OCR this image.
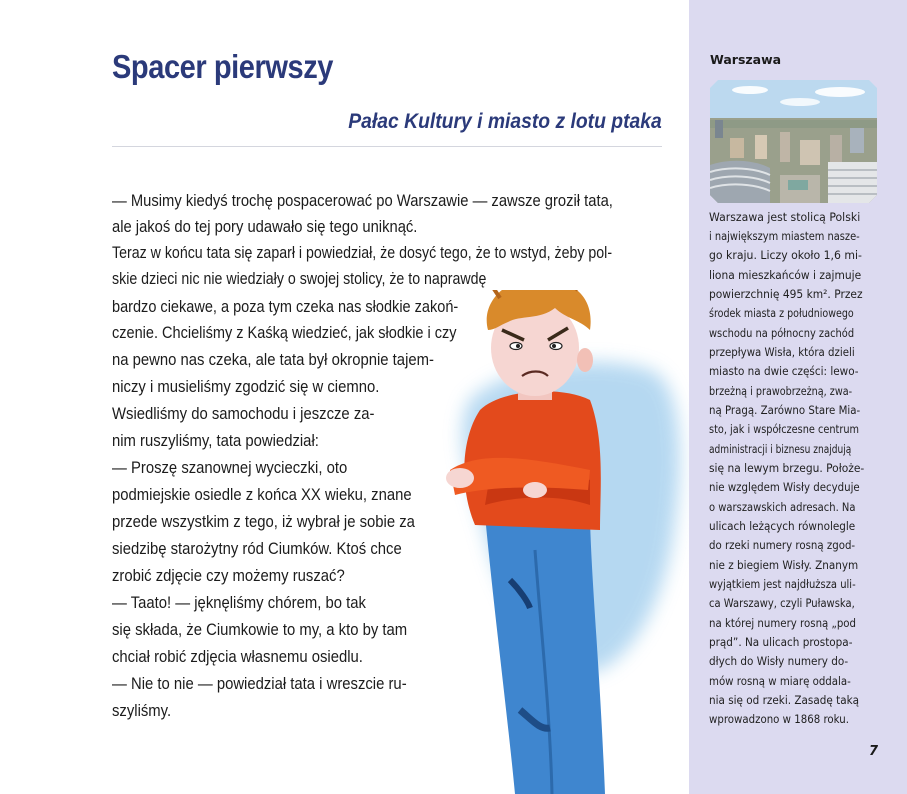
Spacer pierwszy
Pałac Kultury i miasto z lotu ptaka
— Musimy kiedyś trochę pospacerować po Warszawie — zawsze groził tata,
ale jakoś do tej pory udawało się tego uniknąć.
Teraz w końcu tata się zaparł i powiedział, że dosyć tego, że to wstyd, żeby pol-
skie dzieci nic nie wiedziały o swojej stolicy, że to naprawdę
bardzo ciekawe, a poza tym czeka nas słodkie zakoń-
czenie. Chcieliśmy z Kaśką wiedzieć, jak słodkie i czy
na pewno nas czeka, ale tata był okropnie tajem-
niczy i musieliśmy zgodzić się w ciemno.
Wsiedliśmy do samochodu i jeszcze za-
nim ruszyliśmy, tata powiedział:
— Proszę szanownej wycieczki, oto
podmiejskie osiedle z końca XX wieku, znane
przede wszystkim z tego, iż wybrał je sobie za
siedzibę starożytny ród Ciumków. Ktoś chce
zrobić zdjęcie czy możemy ruszać?
— Taato! — jęknęliśmy chórem, bo tak
się składa, że Ciumkowie to my, a kto by tam
chciał robić zdjęcia własnemu osiedlu.
— Nie to nie — powiedział tata i wreszcie ru-
szyliśmy.
Warszawa
Warszawa jest stolicą Polski
i największym miastem nasze-
go kraju. Liczy około 1,6 mi-
liona mieszkańców i zajmuje
powierzchnię 495 km². Przez
środek miasta z południowego
wschodu na północny zachód
przepływa Wisła, która dzieli
miasto na dwie części: lewo-
brzeżną i prawobrzeżną, zwa-
ną Pragą. Zarówno Stare Mia-
sto, jak i współczesne centrum
administracji i biznesu znajdują
się na lewym brzegu. Położe-
nie względem Wisły decyduje
o warszawskich adresach. Na
ulicach leżących równolegle
do rzeki numery rosną zgod-
nie z biegiem Wisły. Znanym
wyjątkiem jest najdłuższa uli-
ca Warszawy, czyli Puławska,
na której numery rosną „pod
prąd”. Na ulicach prostopa-
dłych do Wisły numery do-
mów rosną w miarę oddala-
nia się od rzeki. Zasadę taką
wprowadzono w 1868 roku.
7
